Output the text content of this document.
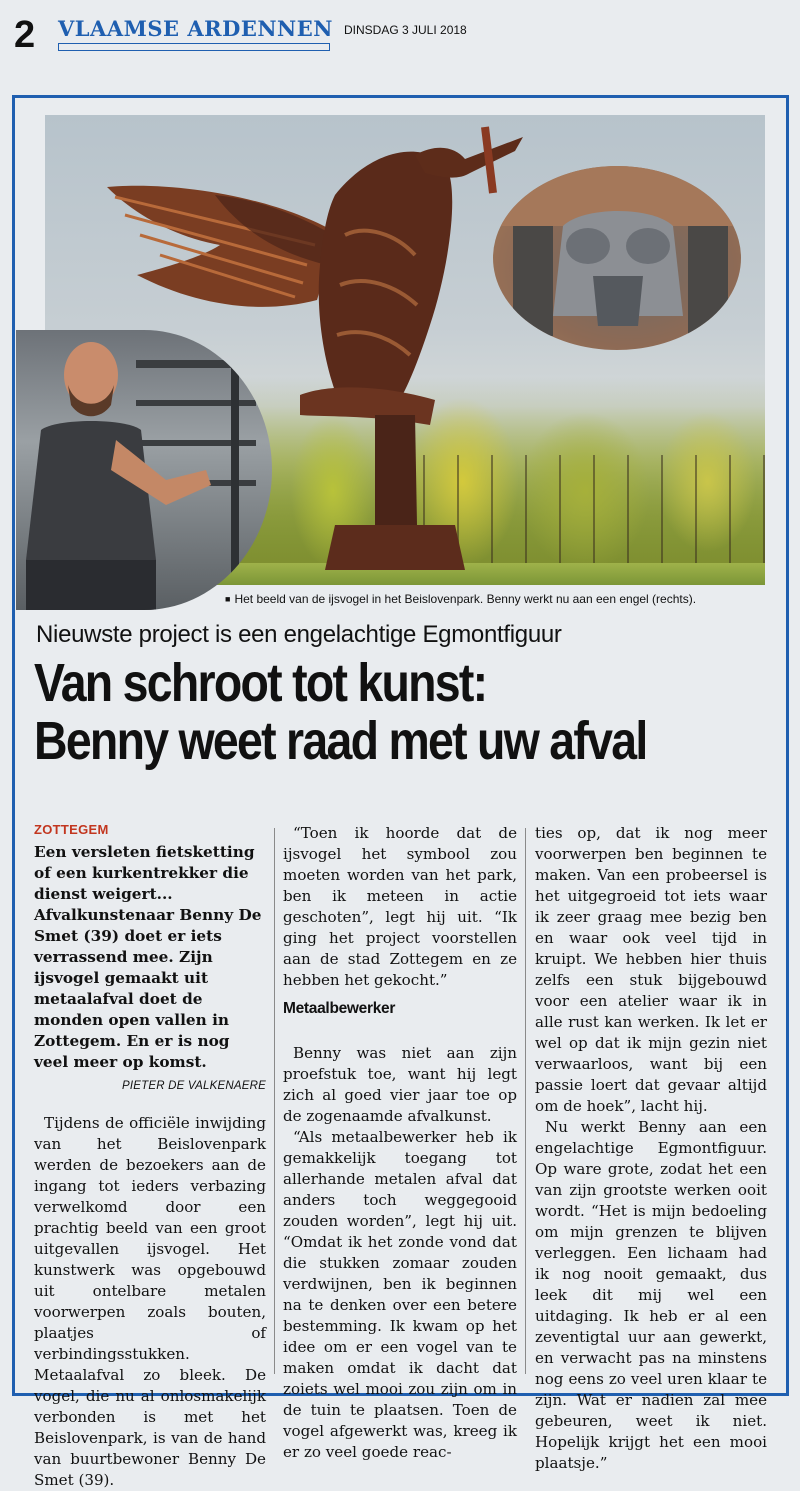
2 VLAAMSE ARDENNEN DINSDAG 3 JULI 2018
■ Het beeld van de ijsvogel in het Beislovenpark. Benny werkt nu aan een engel (rechts).
Nieuwste project is een engelachtige Egmontfiguur
Van schroot tot kunst:
Benny weet raad met uw afval
ZOTTEGEM

Een versleten fietsketting of een kurkentrekker die dienst weigert... Afvalkunstenaar Benny De Smet (39) doet er iets verrassend mee. Zijn ijsvogel gemaakt uit metaalafval doet de monden open vallen in Zottegem. En er is nog veel meer op komst.

PIETER DE VALKENAERE

Tijdens de officiële inwijding van het Beislovenpark werden de bezoekers aan de ingang tot ieders verbazing verwelkomd door een prachtig beeld van een groot uitgevallen ijsvogel. Het kunstwerk was opgebouwd uit ontelbare metalen voorwerpen zoals bouten, plaatjes of verbindingsstukken. Metaalafval zo bleek. De vogel, die nu al onlosmakelijk verbonden is met het Beislovenpark, is van de hand van buurtbewoner Benny De Smet (39).

“Toen ik hoorde dat de ijsvogel het symbool zou moeten worden van het park, ben ik meteen in actie geschoten”, legt hij uit. “Ik ging het project voorstellen aan de stad Zottegem en ze hebben het gekocht.”

Metaalbewerker

Benny was niet aan zijn proefstuk toe, want hij legt zich al goed vier jaar toe op de zogenaamde afvalkunst.

“Als metaalbewerker heb ik gemakkelijk toegang tot allerhande metalen afval dat anders toch weggegooid zouden worden”, legt hij uit. “Omdat ik het zonde vond dat die stukken zomaar zouden verdwijnen, ben ik beginnen na te denken over een betere bestemming. Ik kwam op het idee om er een vogel van te maken omdat ik dacht dat zoiets wel mooi zou zijn om in de tuin te plaatsen. Toen de vogel afgewerkt was, kreeg ik er zo veel goede reac-

ties op, dat ik nog meer voorwerpen ben beginnen te maken. Van een probeersel is het uitgegroeid tot iets waar ik zeer graag mee bezig ben en waar ook veel tijd in kruipt. We hebben hier thuis zelfs een stuk bijgebouwd voor een atelier waar ik in alle rust kan werken. Ik let er wel op dat ik mijn gezin niet verwaarloos, want bij een passie loert dat gevaar altijd om de hoek”, lacht hij.

Nu werkt Benny aan een engelachtige Egmontfiguur. Op ware grote, zodat het een van zijn grootste werken ooit wordt. “Het is mijn bedoeling om mijn grenzen te blijven verleggen. Een lichaam had ik nog nooit gemaakt, dus leek dit mij wel een uitdaging. Ik heb er al een zeventigtal uur aan gewerkt, en verwacht pas na minstens nog eens zo veel uren klaar te zijn. Wat er nadien zal mee gebeuren, weet ik niet. Hopelijk krijgt het een mooi plaatsje.”
